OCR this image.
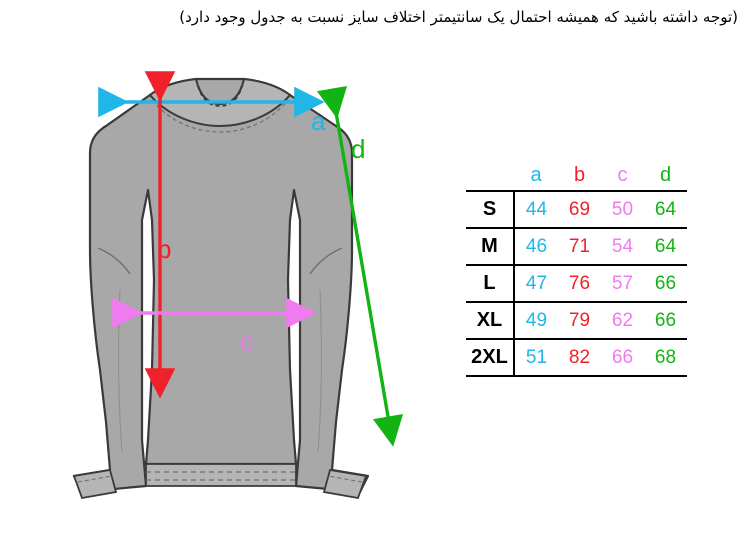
(توجه داشته باشید که همیشه احتمال یک سانتیمتر اختلاف سایز نسبت به جدول وجود دارد)
a
b
c
d
	a	b	c	d
S	44	69	50	64
M	46	71	54	64
L	47	76	57	66
XL	49	79	62	66
2XL	51	82	66	68
